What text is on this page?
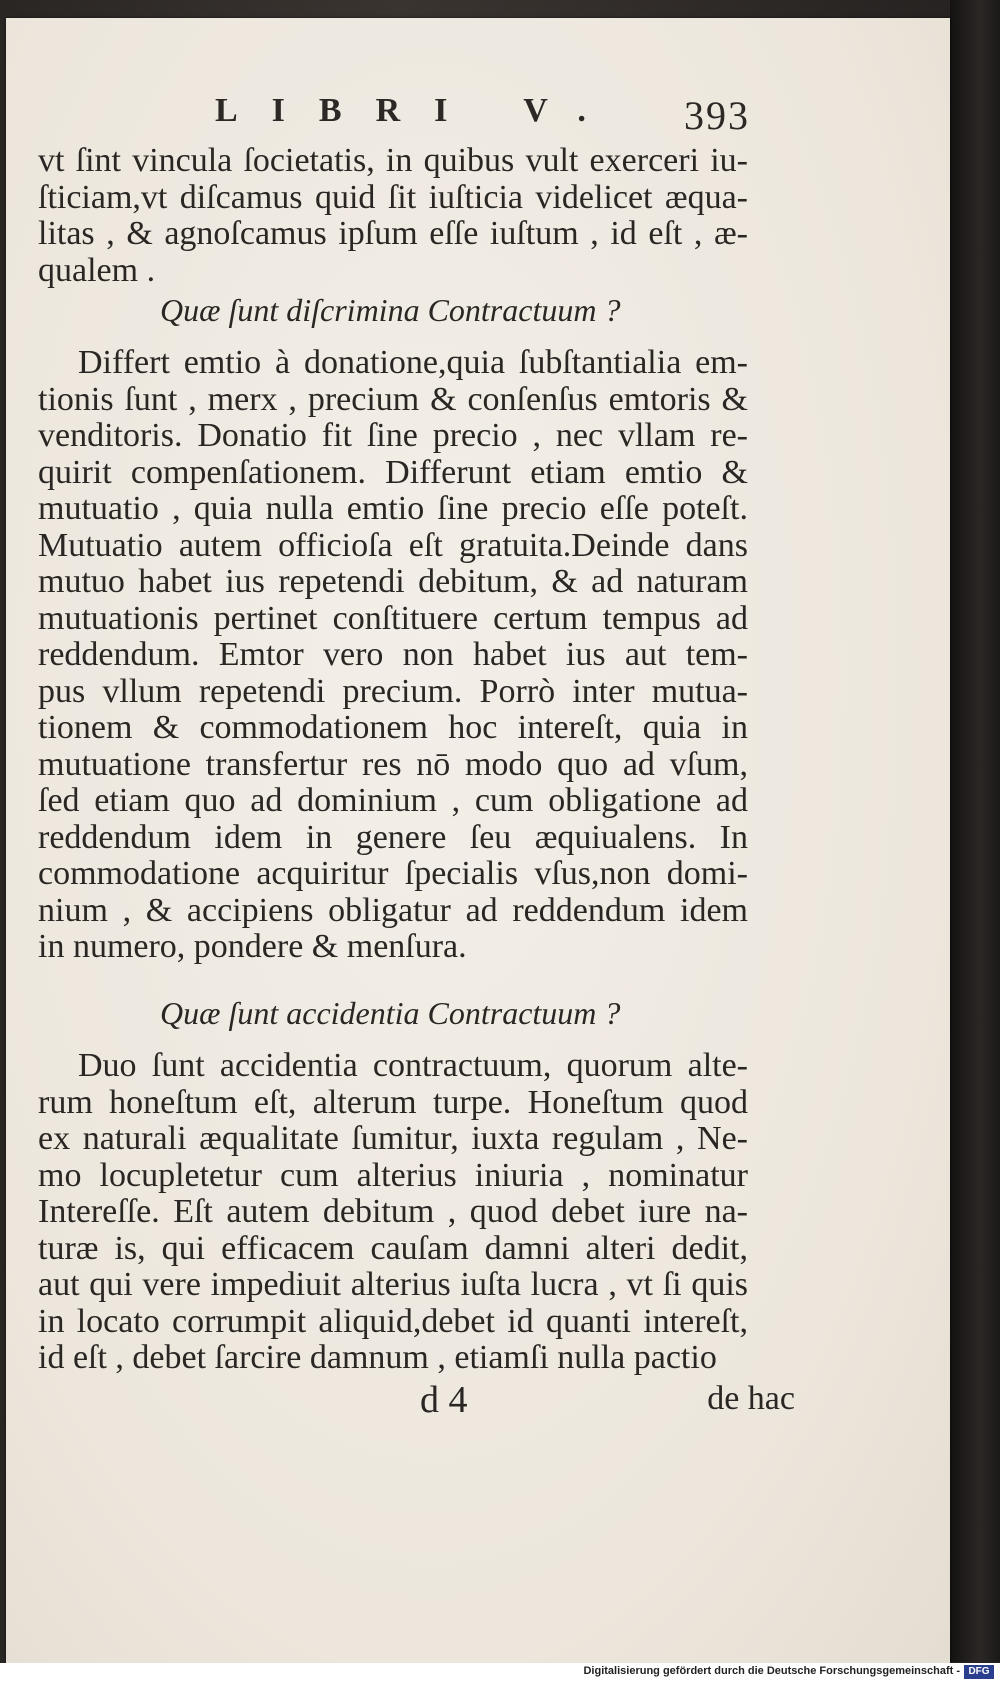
LIBRI V. 393
vt ſint vincula ſocietatis, in quibus vult exerceri iu-
ſticiam,vt diſcamus quid ſit iuſticia videlicet æqua-
litas , & agnoſcamus ipſum eſſe iuſtum , id eſt , æ-
qualem .
Quæ ſunt diſcrimina Contractuum ?
Differt emtio à donatione,quia ſubſtantialia em-
tionis ſunt , merx , precium & conſenſus emtoris &
venditoris. Donatio fit ſine precio , nec vllam re-
quirit compenſationem. Differunt etiam emtio &
mutuatio , quia nulla emtio ſine precio eſſe poteſt.
Mutuatio autem officioſa eſt gratuita.Deinde dans
mutuo habet ius repetendi debitum, & ad naturam
mutuationis pertinet conſtituere certum tempus ad
reddendum. Emtor vero non habet ius aut tem-
pus vllum repetendi precium. Porrò inter mutua-
tionem & commodationem hoc intereſt, quia in
mutuatione transfertur res nō modo quo ad vſum,
ſed etiam quo ad dominium , cum obligatione ad
reddendum idem in genere ſeu æquiualens. In
commodatione acquiritur ſpecialis vſus,non domi-
nium , & accipiens obligatur ad reddendum idem
in numero, pondere & menſura.
Quæ ſunt accidentia Contractuum ?
Duo ſunt accidentia contractuum, quorum alte-
rum honeſtum eſt, alterum turpe. Honeſtum quod
ex naturali æqualitate ſumitur, iuxta regulam , Ne-
mo locupletetur cum alterius iniuria , nominatur
Intereſſe. Eſt autem debitum , quod debet iure na-
turæ is, qui efficacem cauſam damni alteri dedit,
aut qui vere impediuit alterius iuſta lucra , vt ſi quis
in locato corrumpit aliquid,debet id quanti intereſt,
id eſt , debet ſarcire damnum , etiamſi nulla pactio
d 4	de hac
Digitalisierung gefördert durch die Deutsche Forschungsgemeinschaft - DFG
